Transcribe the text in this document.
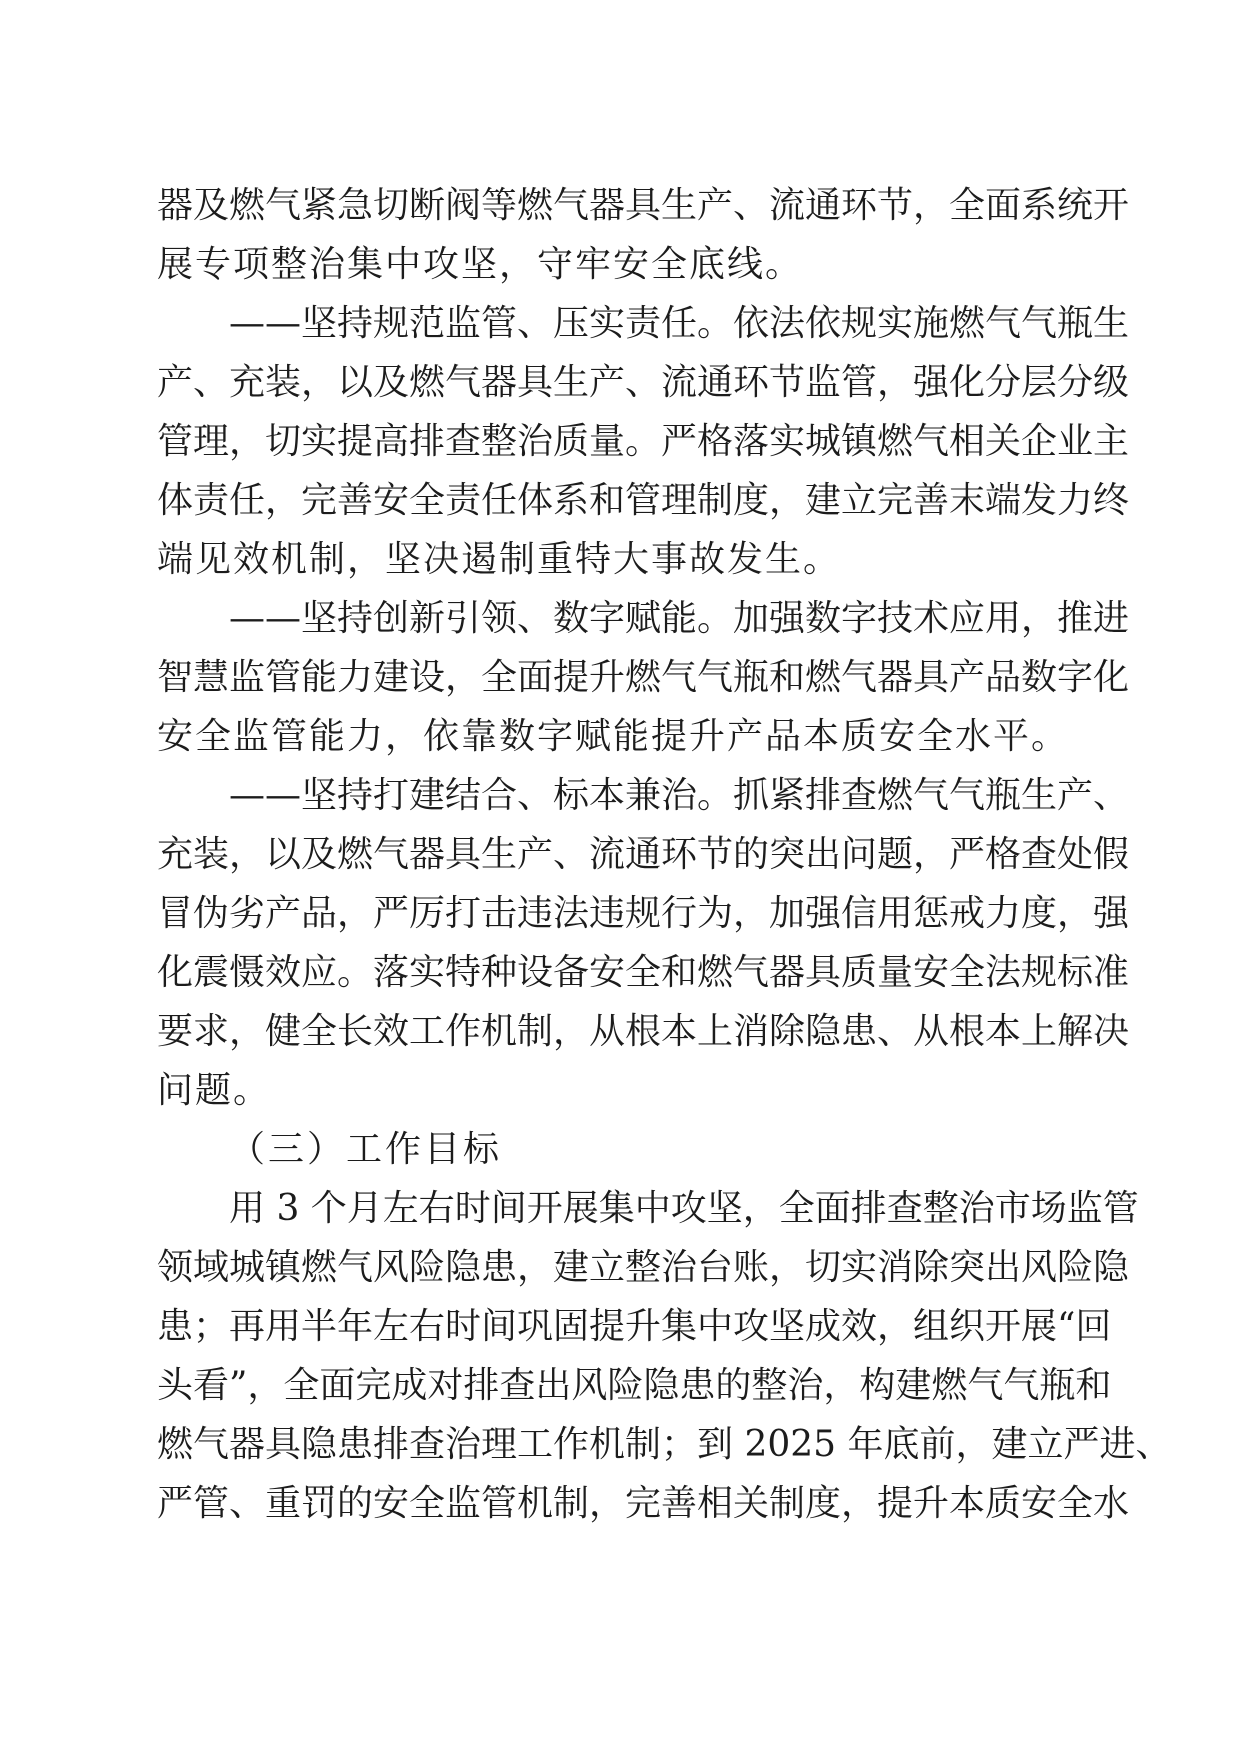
器及燃气紧急切断阀等燃气器具生产、流通环节，全面系统开
展专项整治集中攻坚，守牢安全底线。
——坚持规范监管、压实责任。依法依规实施燃气气瓶生
产、充装，以及燃气器具生产、流通环节监管，强化分层分级
管理，切实提高排查整治质量。严格落实城镇燃气相关企业主
体责任，完善安全责任体系和管理制度，建立完善末端发力终
端见效机制，坚决遏制重特大事故发生。
——坚持创新引领、数字赋能。加强数字技术应用，推进
智慧监管能力建设，全面提升燃气气瓶和燃气器具产品数字化
安全监管能力，依靠数字赋能提升产品本质安全水平。
——坚持打建结合、标本兼治。抓紧排查燃气气瓶生产、
充装，以及燃气器具生产、流通环节的突出问题，严格查处假
冒伪劣产品，严厉打击违法违规行为，加强信用惩戒力度，强
化震慑效应。落实特种设备安全和燃气器具质量安全法规标准
要求，健全长效工作机制，从根本上消除隐患、从根本上解决
问题。
（三）工作目标
用 3 个月左右时间开展集中攻坚，全面排查整治市场监管
领域城镇燃气风险隐患，建立整治台账，切实消除突出风险隐
患；再用半年左右时间巩固提升集中攻坚成效，组织开展“回
头看”，全面完成对排查出风险隐患的整治，构建燃气气瓶和
燃气器具隐患排查治理工作机制；到 2025 年底前，建立严进、
严管、重罚的安全监管机制，完善相关制度，提升本质安全水
